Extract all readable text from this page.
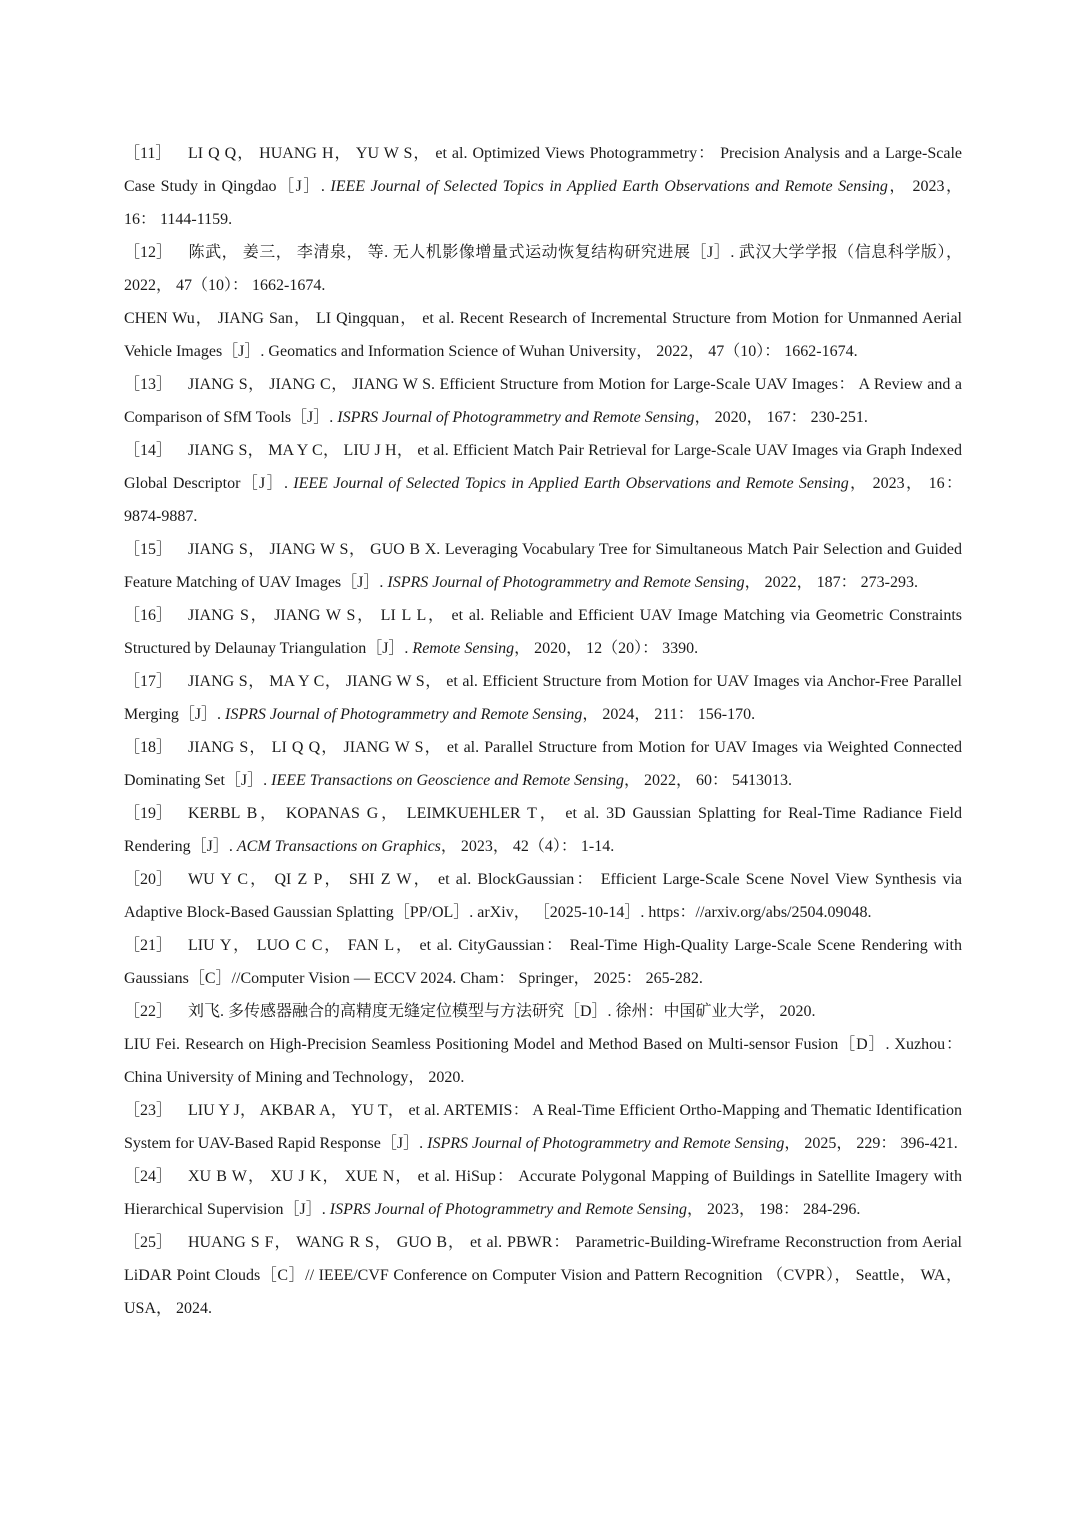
［11］ LI Q Q， HUANG H， YU W S， et al. Optimized Views Photogrammetry： Precision Analysis and a Large-Scale Case Study in Qingdao［J］. IEEE Journal of Selected Topics in Applied Earth Observations and Remote Sensing， 2023， 16： 1144-1159.

［12］ 陈武， 姜三， 李清泉， 等. 无人机影像增量式运动恢复结构研究进展［J］. 武汉大学学报（信息科学版）， 2022， 47（10）： 1662-1674.

CHEN Wu， JIANG San， LI Qingquan， et al. Recent Research of Incremental Structure from Motion for Unmanned Aerial Vehicle Images［J］. Geomatics and Information Science of Wuhan University， 2022， 47（10）： 1662-1674.

［13］ JIANG S， JIANG C， JIANG W S. Efficient Structure from Motion for Large-Scale UAV Images： A Review and a Comparison of SfM Tools［J］. ISPRS Journal of Photogrammetry and Remote Sensing， 2020， 167： 230-251.

［14］ JIANG S， MA Y C， LIU J H， et al. Efficient Match Pair Retrieval for Large-Scale UAV Images via Graph Indexed Global Descriptor［J］. IEEE Journal of Selected Topics in Applied Earth Observations and Remote Sensing， 2023， 16： 9874-9887.

［15］ JIANG S， JIANG W S， GUO B X. Leveraging Vocabulary Tree for Simultaneous Match Pair Selection and Guided Feature Matching of UAV Images［J］. ISPRS Journal of Photogrammetry and Remote Sensing， 2022， 187： 273-293.

［16］ JIANG S， JIANG W S， LI L L， et al. Reliable and Efficient UAV Image Matching via Geometric Constraints Structured by Delaunay Triangulation［J］. Remote Sensing， 2020， 12（20）： 3390.

［17］ JIANG S， MA Y C， JIANG W S， et al. Efficient Structure from Motion for UAV Images via Anchor-Free Parallel Merging［J］. ISPRS Journal of Photogrammetry and Remote Sensing， 2024， 211： 156-170.

［18］ JIANG S， LI Q Q， JIANG W S， et al. Parallel Structure from Motion for UAV Images via Weighted Connected Dominating Set［J］. IEEE Transactions on Geoscience and Remote Sensing， 2022， 60： 5413013.

［19］ KERBL B， KOPANAS G， LEIMKUEHLER T， et al. 3D Gaussian Splatting for Real-Time Radiance Field Rendering［J］. ACM Transactions on Graphics， 2023， 42（4）： 1-14.

［20］ WU Y C， QI Z P， SHI Z W， et al. BlockGaussian： Efficient Large-Scale Scene Novel View Synthesis via Adaptive Block-Based Gaussian Splatting［PP/OL］. arXiv， ［2025-10-14］. https：//arxiv.org/abs/2504.09048.

［21］ LIU Y， LUO C C， FAN L， et al. CityGaussian： Real-Time High-Quality Large-Scale Scene Rendering with Gaussians［C］//Computer Vision — ECCV 2024. Cham： Springer， 2025： 265-282.

［22］ 刘飞. 多传感器融合的高精度无缝定位模型与方法研究［D］. 徐州：中国矿业大学， 2020.

LIU Fei. Research on High-Precision Seamless Positioning Model and Method Based on Multi-sensor Fusion［D］. Xuzhou：China University of Mining and Technology， 2020.

［23］ LIU Y J， AKBAR A， YU T， et al. ARTEMIS： A Real-Time Efficient Ortho-Mapping and Thematic Identification System for UAV-Based Rapid Response［J］. ISPRS Journal of Photogrammetry and Remote Sensing， 2025， 229： 396-421.

［24］ XU B W， XU J K， XUE N， et al. HiSup： Accurate Polygonal Mapping of Buildings in Satellite Imagery with Hierarchical Supervision［J］. ISPRS Journal of Photogrammetry and Remote Sensing， 2023， 198： 284-296.

［25］ HUANG S F， WANG R S， GUO B， et al. PBWR： Parametric-Building-Wireframe Reconstruction from Aerial LiDAR Point Clouds［C］// IEEE/CVF Conference on Computer Vision and Pattern Recognition （CVPR）， Seattle， WA， USA， 2024.
